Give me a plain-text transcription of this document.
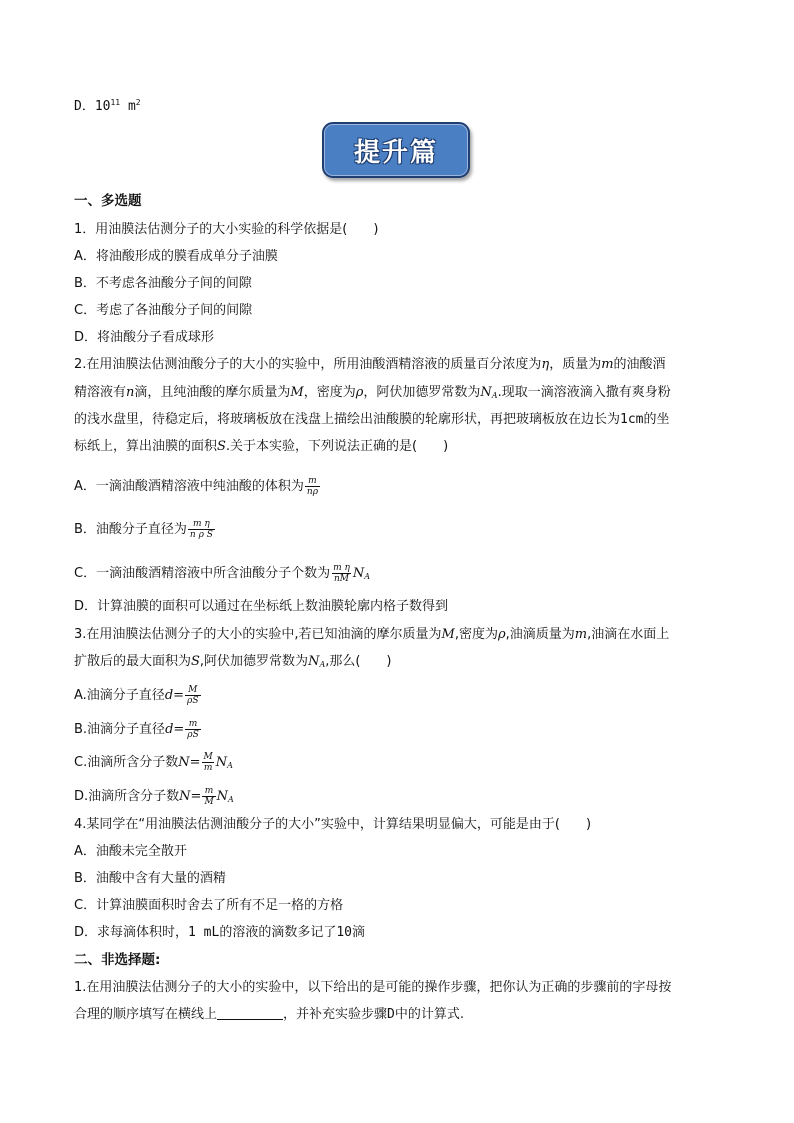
D．$10^{11}$ $m^2$
提升篇
一、多选题
1．用油膜法估测分子的大小实验的科学依据是(　　)
A．将油酸形成的膜看成单分子油膜
B．不考虑各油酸分子间的间隙
C．考虑了各油酸分子间的间隙
D．将油酸分子看成球形
2.在用油膜法估测油酸分子的大小的实验中，所用油酸酒精溶液的质量百分浓度为η，质量为m的油酸酒
精溶液有n滴，且纯油酸的摩尔质量为M，密度为ρ，阿伏加德罗常数为$N_A$.现取一滴溶液滴入撒有爽身粉
的浅水盘里，待稳定后，将玻璃板放在浅盘上描绘出油酸膜的轮廓形状，再把玻璃板放在边长为1cm的坐
标纸上，算出油膜的面积S.关于本实验，下列说法正确的是(　　)
A．一滴油酸酒精溶液中纯油酸的体积为 $\frac{m}{n\rho}$
B．油酸分子直径为 $\frac{\text{m η}}{\text{n ρ S}}$
C．一滴油酸酒精溶液中所含油酸分子个数为 $\frac{\text{m η}}{nM} N_A$
D．计算油膜的面积可以通过在坐标纸上数油膜轮廓内格子数得到
3.在用油膜法估测分子的大小的实验中,若已知油滴的摩尔质量为M,密度为ρ,油滴质量为m,油滴在水面上
扩散后的最大面积为S,阿伏加德罗常数为$N_A$,那么(　　)
A.油滴分子直径$d= \frac{M}{\rho S}$
B.油滴分子直径$d= \frac{m}{\rho S}$
C.油滴所含分子数$N= \frac{M}{m} N_A$
D.油滴所含分子数$N= \frac{m}{M} N_A$
4.某同学在“用油膜法估测油酸分子的大小”实验中，计算结果明显偏大，可能是由于(　　)
A．油酸未完全散开
B．油酸中含有大量的酒精
C．计算油膜面积时舍去了所有不足一格的方格
D．求每滴体积时，1 mL的溶液的滴数多记了10滴
二、非选择题:
1.在用油膜法估测分子的大小的实验中，以下给出的是可能的操作步骤，把你认为正确的步骤前的字母按
合理的顺序填写在横线上	，并补充实验步骤D中的计算式.
